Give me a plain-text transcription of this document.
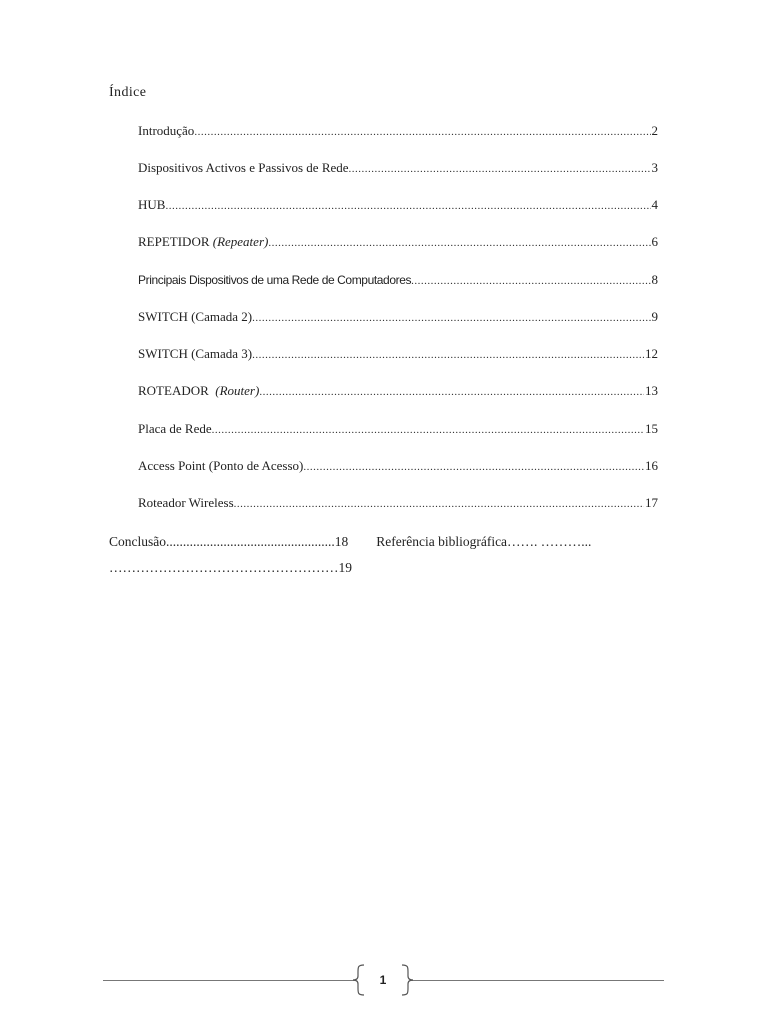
Índice
Introdução .....	2
Dispositivos Activos e Passivos de Rede .....	3
HUB .....	4
REPETIDOR (Repeater) .....	6
Principais Dispositivos de uma Rede de Computadores .....	8
SWITCH (Camada 2) .....	9
SWITCH (Camada 3) .....	12
ROTEADOR  (Router) .....	13
Placa de Rede .....	15
Access Point (Ponto de Acesso) .....	16
Roteador Wireless .....	17
Conclusão..................................................18 Referência bibliográfica……. ………...
……………………………………………19
1
